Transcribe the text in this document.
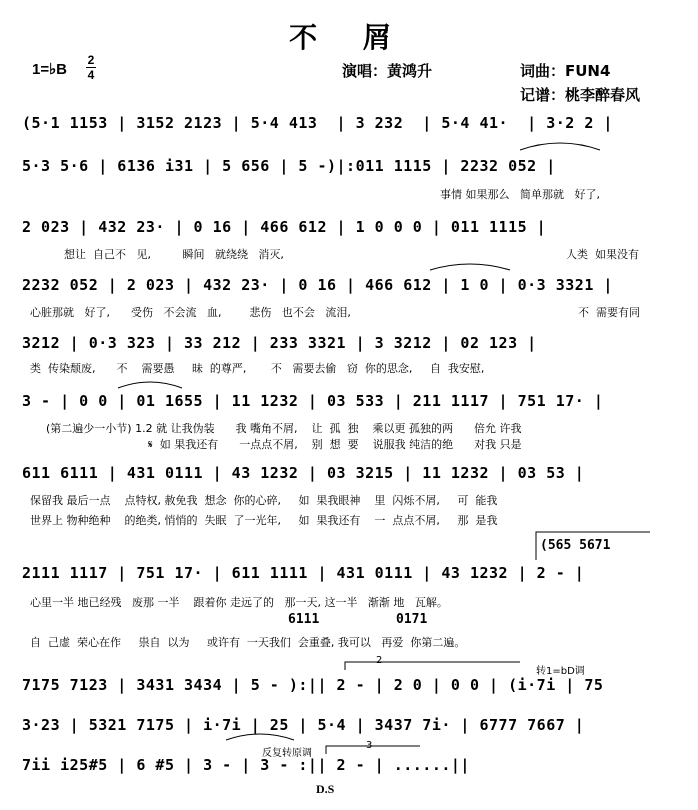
不 屑
1=♭B
2
4	演唱：黄鸿升	词曲：FUN4
记谱：桃李醉春风
(5·1 1153 | 3152 2123 | 5·4 413  | 3 232  | 5·4 41·  | 3·2 2 |
5·3 5·6 | 6136 i31 | 5 656 | 5 -)|:011 1115 | 2232 052 |
事情 如果那么   简单那就   好了,
2 023 | 432 23· | 0 16 | 466 612 | 1 0 0 0 | 011 1115 |
想让  自己不   见,         瞬间   就绕绕   消灭,	人类  如果没有
2232 052 | 2 023 | 432 23· | 0 16 | 466 612 | 1 0 | 0·3 3321 |
心脏那就   好了,      受伤   不会流   血,        悲伤   也不会   流泪,	不  需要有同
3212 | 0·3 323 | 33 212 | 233 3321 | 3 3212 | 02 123 |
类  传染颓废,      不    需要愚     昧  的尊严,       不   需要去偷   窃  你的思念,     自  我安慰,
3 - | 0 0 | 01 1655 | 11 1232 | 03 533 | 211 1117 | 751 17· |
(第二遍少一小节) 1.2 就 让我伪装      我 嘴角不屑,    让  孤  独    乘以更 孤独的两      倍允 许我
𝄋  如 果我还有      一点点不屑,    别  想  要    说服我 纯洁的绝      对我 只是
611 6111 | 431 0111 | 43 1232 | 03 3215 | 11 1232 | 03 53 |
保留我 最后一点    点特权, 赦免我  想念  你的心碎,     如  果我眼神    里  闪烁不屑,     可  能我
世界上 物种绝种    的绝类, 悄悄的  失眠  了一光年,     如  果我还有    一  点点不屑,     那  是我
2111 1117 | 751 17· | 611 1111 | 431 0111 | 43 1232 | 2 - |
心里一半 地已经残   废那 一半    跟着你 走远了的   那一天, 这一半   渐渐 地   瓦解。
自  己虚  荣心在作     祟自  以为     或许有  一天我们  会重叠, 我可以   再爱  你第二遍。
7175 7123 | 3431 3434 | 5 - ):|| 2 - | 2 0 | 0 0 | (i·7i | 75
3·23 | 5321 7175 | i·7i | 25 | 5·4 | 3437 7i· | 6777 7667 |
7ii i25#5 | 6 #5 | 3 - | 3 - :|| 2 - | ......||
(565 5671
6111	0171
2
3
转1=bD调
反复转原调
D.S
